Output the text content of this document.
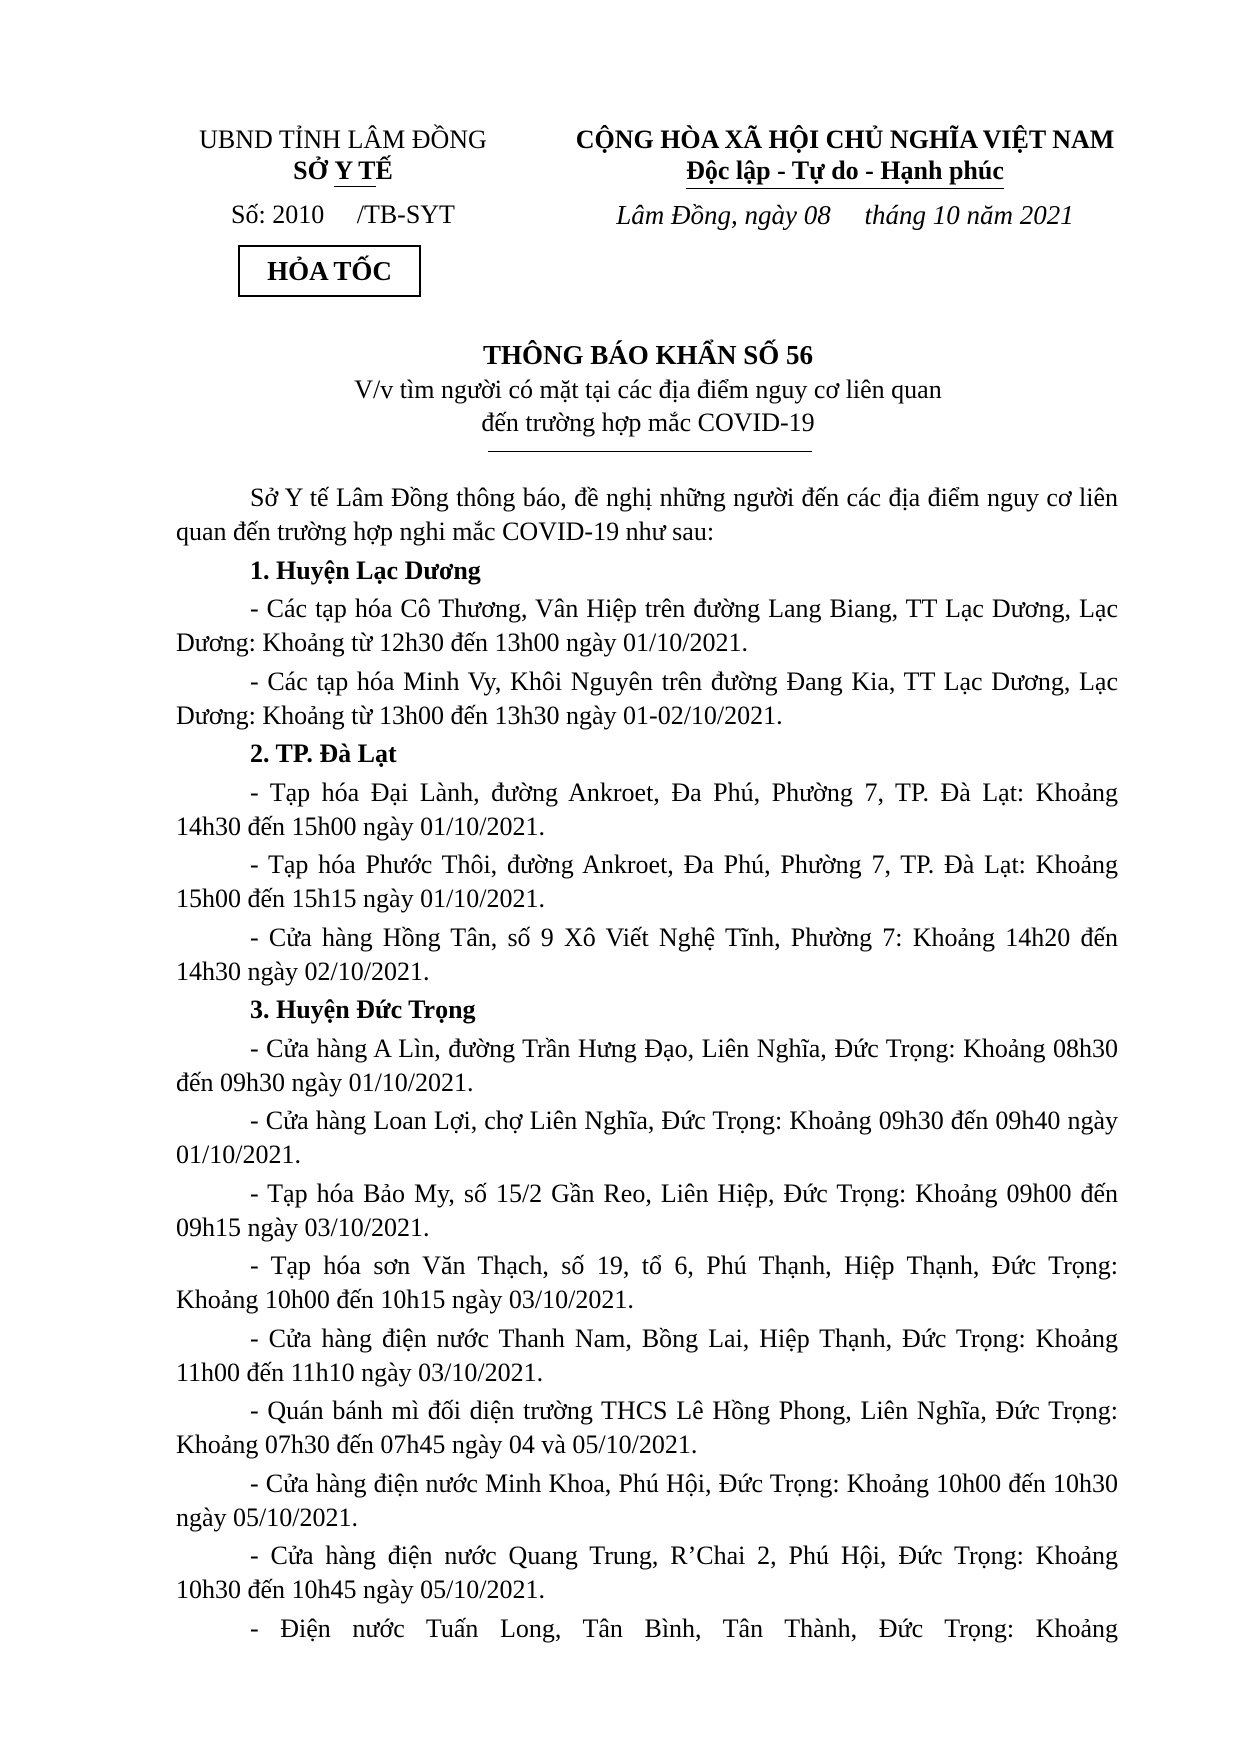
UBND TỈNH LÂM ĐỒNG
SỞ Y TẾ
CỘNG HÒA XÃ HỘI CHỦ NGHĨA VIỆT NAM
Độc lập - Tự do - Hạnh phúc
Số: 2010     /TB-SYT	Lâm Đồng, ngày 08     tháng 10 năm 2021
HỎA TỐC
THÔNG BÁO KHẨN SỐ 56
V/v tìm người có mặt tại các địa điểm nguy cơ liên quan
đến trường hợp mắc COVID-19

Sở Y tế Lâm Đồng thông báo, đề nghị những người đến các địa điểm nguy cơ liên quan đến trường hợp nghi mắc COVID-19 như sau:

1. Huyện Lạc Dương

- Các tạp hóa Cô Thương, Vân Hiệp trên đường Lang Biang, TT Lạc Dương, Lạc Dương: Khoảng từ 12h30 đến 13h00 ngày 01/10/2021.

- Các tạp hóa Minh Vy, Khôi Nguyên trên đường Đang Kia, TT Lạc Dương, Lạc Dương: Khoảng từ 13h00 đến 13h30 ngày 01-02/10/2021.

2. TP. Đà Lạt

- Tạp hóa Đại Lành, đường Ankroet, Đa Phú, Phường 7, TP. Đà Lạt: Khoảng 14h30 đến 15h00 ngày 01/10/2021.

- Tạp hóa Phước Thôi, đường Ankroet, Đa Phú, Phường 7, TP. Đà Lạt: Khoảng 15h00 đến 15h15 ngày 01/10/2021.

- Cửa hàng Hồng Tân, số 9 Xô Viết Nghệ Tĩnh, Phường 7: Khoảng 14h20 đến 14h30 ngày 02/10/2021.

3. Huyện Đức Trọng

- Cửa hàng A Lìn, đường Trần Hưng Đạo, Liên Nghĩa, Đức Trọng: Khoảng 08h30 đến 09h30 ngày 01/10/2021.

- Cửa hàng Loan Lợi, chợ Liên Nghĩa, Đức Trọng: Khoảng 09h30 đến 09h40 ngày 01/10/2021.

- Tạp hóa Bảo My, số 15/2 Gần Reo, Liên Hiệp, Đức Trọng: Khoảng 09h00 đến 09h15 ngày 03/10/2021.

- Tạp hóa sơn Văn Thạch, số 19, tổ 6, Phú Thạnh, Hiệp Thạnh, Đức Trọng: Khoảng 10h00 đến 10h15 ngày 03/10/2021.

- Cửa hàng điện nước Thanh Nam, Bồng Lai, Hiệp Thạnh, Đức Trọng: Khoảng 11h00 đến 11h10 ngày 03/10/2021.

- Quán bánh mì đối diện trường THCS Lê Hồng Phong, Liên Nghĩa, Đức Trọng: Khoảng 07h30 đến 07h45 ngày 04 và 05/10/2021.

- Cửa hàng điện nước Minh Khoa, Phú Hội, Đức Trọng: Khoảng 10h00 đến 10h30 ngày 05/10/2021.

- Cửa hàng điện nước Quang Trung, R’Chai 2, Phú Hội, Đức Trọng: Khoảng 10h30 đến 10h45 ngày 05/10/2021.

- Điện nước Tuấn Long, Tân Bình, Tân Thành, Đức Trọng: Khoảng
